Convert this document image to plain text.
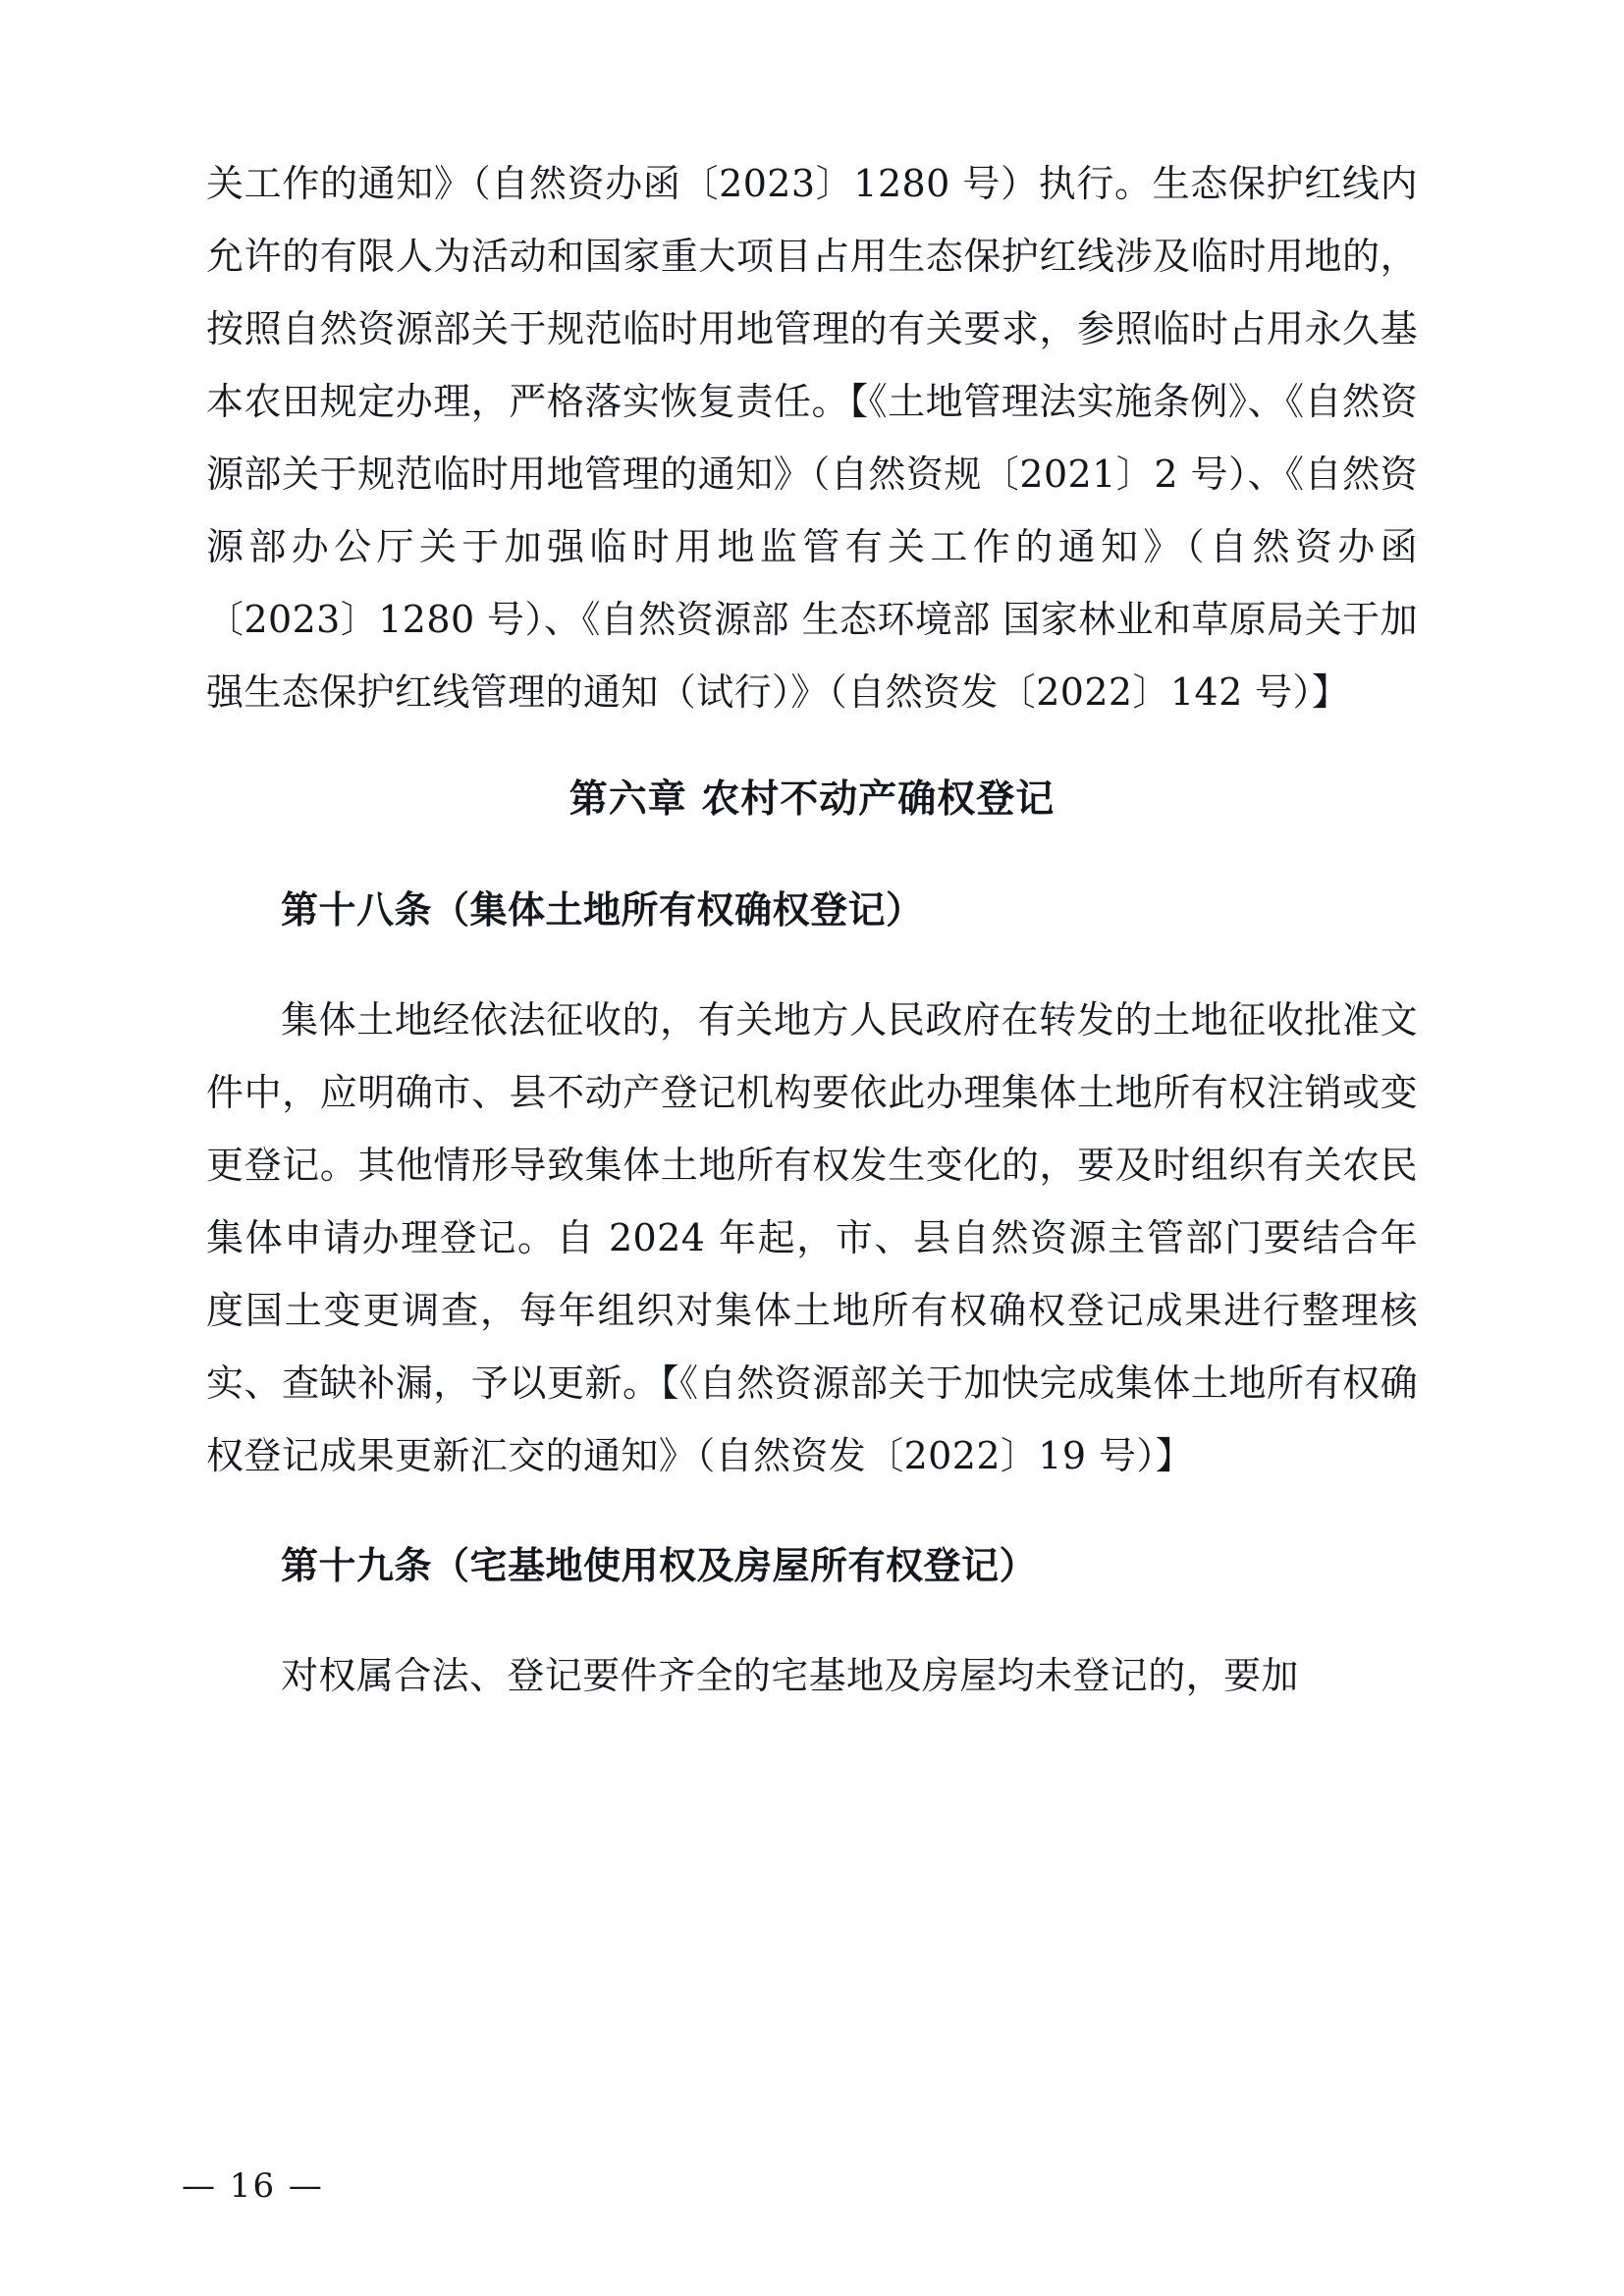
关工作的通知》（自然资办函〔2023〕1280 号）执行。生态保护红线内允许的有限人为活动和国家重大项目占用生态保护红线涉及临时用地的，按照自然资源部关于规范临时用地管理的有关要求，参照临时占用永久基本农田规定办理，严格落实恢复责任。【《土地管理法实施条例》、《自然资源部关于规范临时用地管理的通知》（自然资规〔2021〕2 号）、《自然资源部办公厅关于加强临时用地监管有关工作的通知》（自然资办函〔2023〕1280 号）、《自然资源部 生态环境部 国家林业和草原局关于加强生态保护红线管理的通知（试行）》（自然资发〔2022〕142 号）】

第六章 农村不动产确权登记
第十八条（集体土地所有权确权登记）

集体土地经依法征收的，有关地方人民政府在转发的土地征收批准文件中，应明确市、县不动产登记机构要依此办理集体土地所有权注销或变更登记。其他情形导致集体土地所有权发生变化的，要及时组织有关农民集体申请办理登记。自 2024 年起，市、县自然资源主管部门要结合年度国土变更调查，每年组织对集体土地所有权确权登记成果进行整理核实、查缺补漏，予以更新。【《自然资源部关于加快完成集体土地所有权确权登记成果更新汇交的通知》（自然资发〔2022〕19 号）】

第十九条（宅基地使用权及房屋所有权登记）

对权属合法、登记要件齐全的宅基地及房屋均未登记的，要加

— 16 —
